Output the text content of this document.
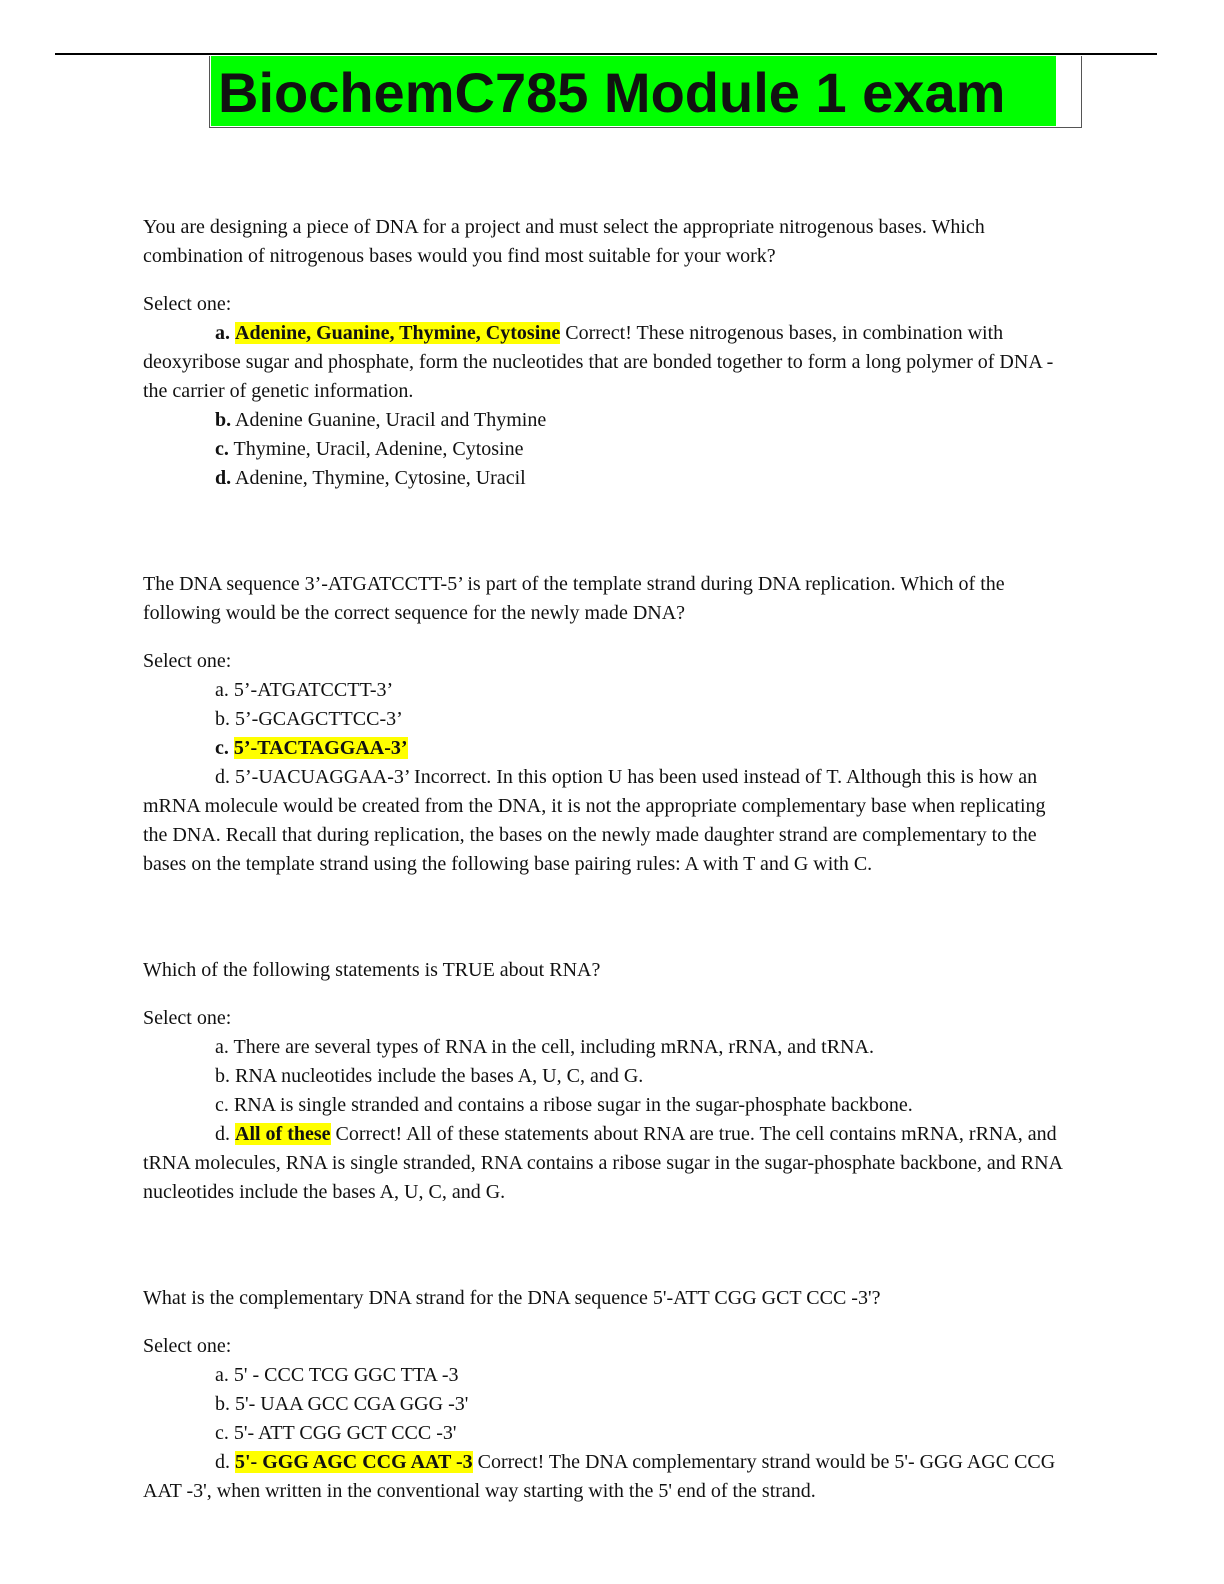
BiochemC785 Module 1 exam

You are designing a piece of DNA for a project and must select the appropriate nitrogenous bases. Which combination of nitrogenous bases would you find most suitable for your work?

Select one:

a. Adenine, Guanine, Thymine, Cytosine Correct! These nitrogenous bases, in combination with deoxyribose sugar and phosphate, form the nucleotides that are bonded together to form a long polymer of DNA - the carrier of genetic information.

b. Adenine Guanine, Uracil and Thymine

c. Thymine, Uracil, Adenine, Cytosine

d. Adenine, Thymine, Cytosine, Uracil

The DNA sequence 3’-ATGATCCTT-5’ is part of the template strand during DNA replication. Which of the following would be the correct sequence for the newly made DNA?

Select one:

a. 5’-ATGATCCTT-3’

b. 5’-GCAGCTTCC-3’

c. 5’-TACTAGGAA-3’

d. 5’-UACUAGGAA-3’ Incorrect. In this option U has been used instead of T. Although this is how an mRNA molecule would be created from the DNA, it is not the appropriate complementary base when replicating the DNA. Recall that during replication, the bases on the newly made daughter strand are complementary to the bases on the template strand using the following base pairing rules: A with T and G with C.

Which of the following statements is TRUE about RNA?

Select one:

a. There are several types of RNA in the cell, including mRNA, rRNA, and tRNA.

b. RNA nucleotides include the bases A, U, C, and G.

c. RNA is single stranded and contains a ribose sugar in the sugar-phosphate backbone.

d. All of these Correct! All of these statements about RNA are true. The cell contains mRNA, rRNA, and tRNA molecules, RNA is single stranded, RNA contains a ribose sugar in the sugar-phosphate backbone, and RNA nucleotides include the bases A, U, C, and G.

What is the complementary DNA strand for the DNA sequence 5'-ATT CGG GCT CCC -3'?

Select one:

a. 5' - CCC TCG GGC TTA -3

b. 5'- UAA GCC CGA GGG -3'

c. 5'- ATT CGG GCT CCC -3'

d. 5'- GGG AGC CCG AAT -3 Correct! The DNA complementary strand would be 5'- GGG AGC CCG AAT -3', when written in the conventional way starting with the 5' end of the strand.
